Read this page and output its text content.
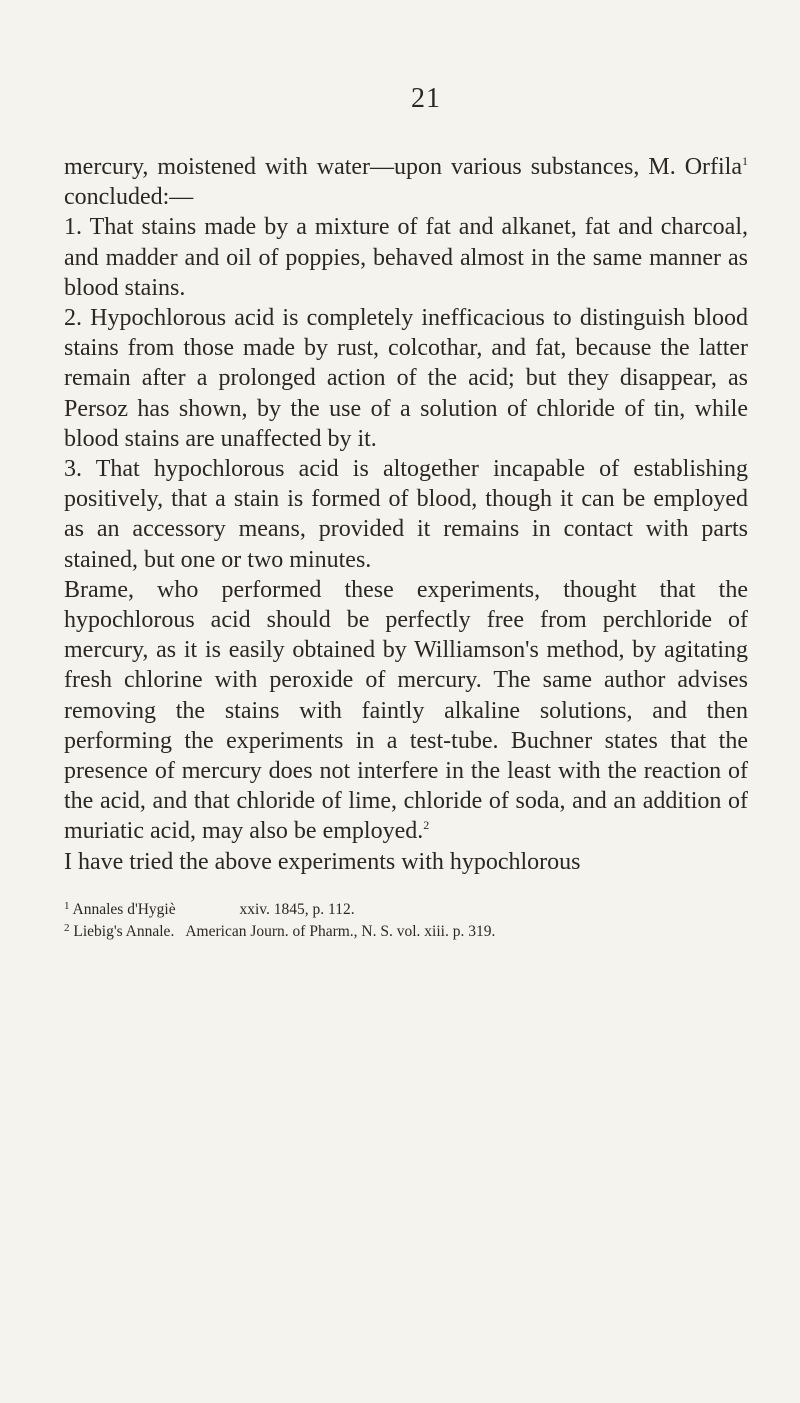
21

mercury, moistened with water—upon various substances, M. Orfila$^1$ concluded:—

1. That stains made by a mixture of fat and alkanet, fat and charcoal, and madder and oil of poppies, behaved almost in the same manner as blood stains.

2. Hypochlorous acid is completely inefficacious to distinguish blood stains from those made by rust, colcothar, and fat, because the latter remain after a prolonged action of the acid; but they disappear, as Persoz has shown, by the use of a solution of chloride of tin, while blood stains are unaffected by it.

3. That hypochlorous acid is altogether incapable of establishing positively, that a stain is formed of blood, though it can be employed as an accessory means, provided it remains in contact with parts stained, but one or two minutes.

Brame, who performed these experiments, thought that the hypochlorous acid should be perfectly free from perchloride of mercury, as it is easily obtained by Williamson's method, by agitating fresh chlorine with peroxide of mercury. The same author advises removing the stains with faintly alkaline solutions, and then performing the experiments in a test-tube. Buchner states that the presence of mercury does not interfere in the least with the reaction of the acid, and that chloride of lime, chloride of soda, and an addition of muriatic acid, may also be employed.$^2$

I have tried the above experiments with hypochlorous

$^1$ Annales d'Hygiè	xxiv. 1845, p. 112.
$^2$ Liebig's Annale. American Journ. of Pharm., N. S. vol. xiii. p. 319.
